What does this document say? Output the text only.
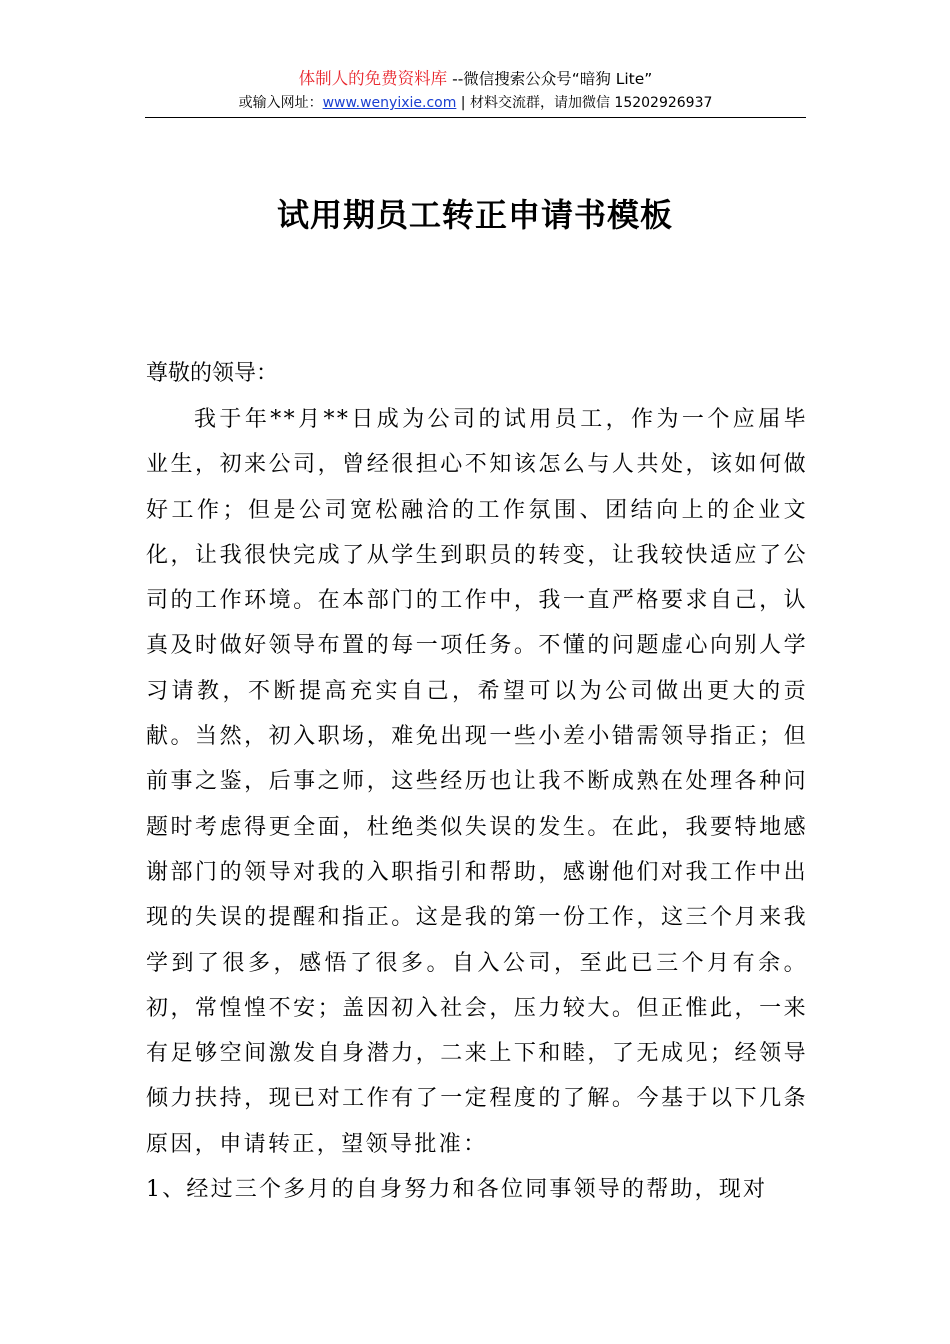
体制人的免费资料库 --微信搜索公众号“暗狗 Lite”
或输入网址：www.wenyixie.com | 材料交流群，请加微信 15202926937
试用期员工转正申请书模板
尊敬的领导：

我于年**月**日成为公司的试用员工，作为一个应届毕业生，初来公司，曾经很担心不知该怎么与人共处，该如何做好工作；但是公司宽松融洽的工作氛围、团结向上的企业文化，让我很快完成了从学生到职员的转变，让我较快适应了公司的工作环境。在本部门的工作中，我一直严格要求自己，认真及时做好领导布置的每一项任务。不懂的问题虚心向别人学习请教，不断提高充实自己，希望可以为公司做出更大的贡献。当然，初入职场，难免出现一些小差小错需领导指正；但前事之鉴，后事之师，这些经历也让我不断成熟在处理各种问题时考虑得更全面，杜绝类似失误的发生。在此，我要特地感谢部门的领导对我的入职指引和帮助，感谢他们对我工作中出现的失误的提醒和指正。这是我的第一份工作，这三个月来我学到了很多，感悟了很多。自入公司，至此已三个月有余。初，常惶惶不安；盖因初入社会，压力较大。但正惟此，一来有足够空间激发自身潜力，二来上下和睦，了无成见；经领导倾力扶持，现已对工作有了一定程度的了解。今基于以下几条原因，申请转正，望领导批准：

1、经过三个多月的自身努力和各位同事领导的帮助，现对
